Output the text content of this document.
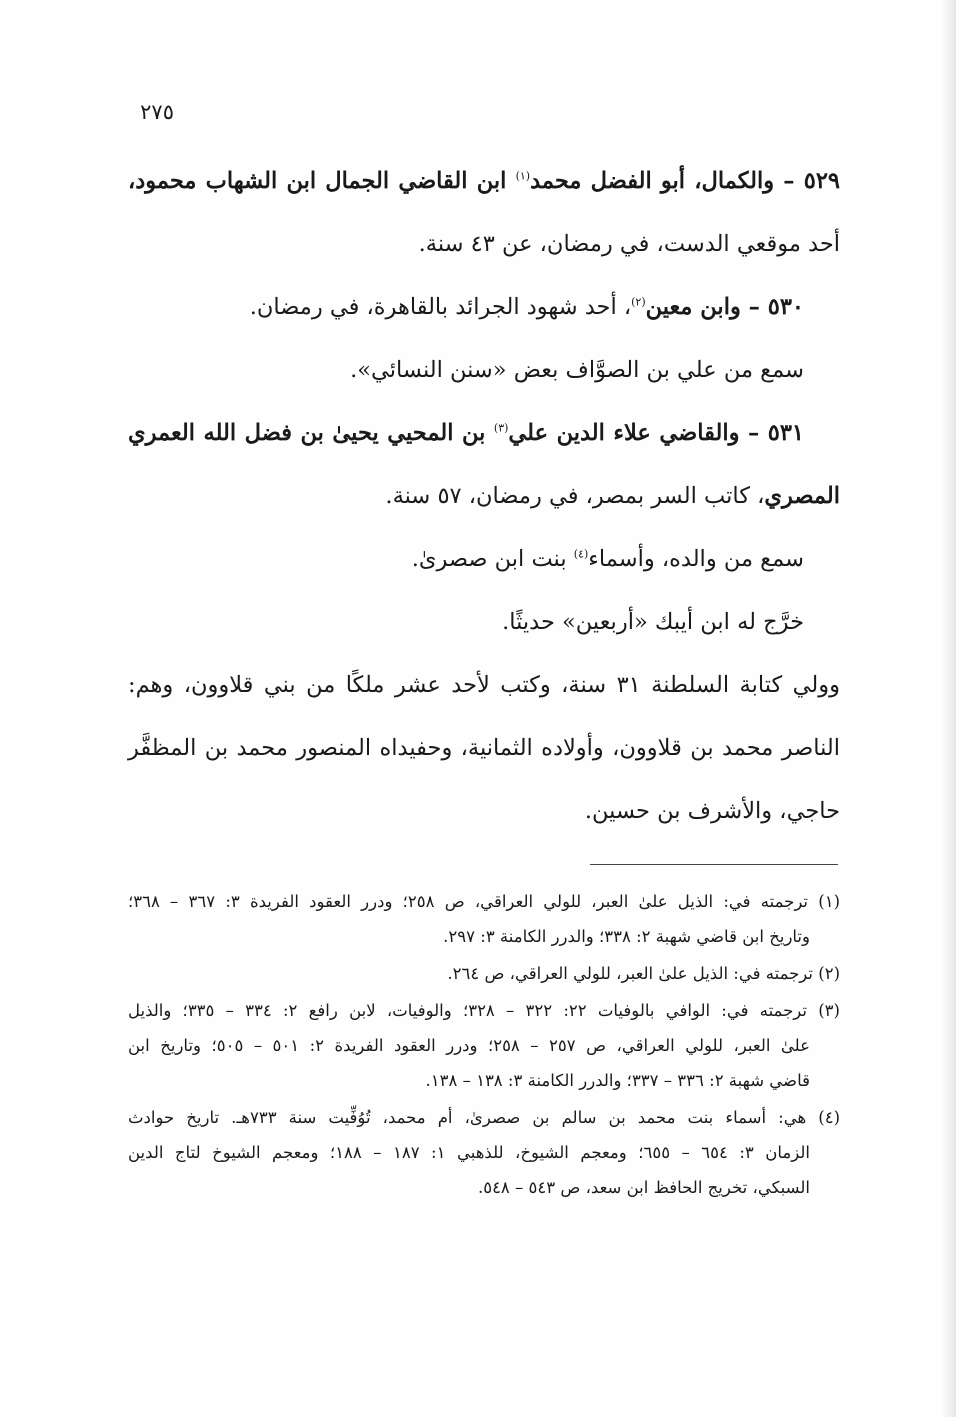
٢٧٥
٥٢٩ – والكمال، أبو الفضل محمد$^{(١)}$ ابن القاضي الجمال ابن الشهاب محمود،
أحد موقعي الدست، في رمضان، عن ٤٣ سنة.
٥٣٠ – وابن معين$^{(٢)}$، أحد شهود الجرائد بالقاهرة، في رمضان.
سمع من علي بن الصوَّاف بعض «سنن النسائي».
٥٣١ – والقاضي علاء الدين علي$^{(٣)}$ بن المحيي يحيىٰ بن فضل الله العمري
المصري، كاتب السر بمصر، في رمضان، ٥٧ سنة.
سمع من والده، وأسماء$^{(٤)}$ بنت ابن صصرىٰ.
خرَّج له ابن أيبك «أربعين» حديثًا.
وولي كتابة السلطنة ٣١ سنة، وكتب لأحد عشر ملكًا من بني قلاوون، وهم:
الناصر محمد بن قلاوون، وأولاده الثمانية، وحفيداه المنصور محمد بن المظفَّر
حاجي، والأشرف بن حسين.
(١) ترجمته في: الذيل علىٰ العبر، للولي العراقي، ص ٢٥٨؛ ودرر العقود الفريدة ٣: ٣٦٧ – ٣٦٨؛
وتاريخ ابن قاضي شهبة ٢: ٣٣٨؛ والدرر الكامنة ٣: ٢٩٧.
(٢) ترجمته في: الذيل علىٰ العبر، للولي العراقي، ص ٢٦٤.
(٣) ترجمته في: الوافي بالوفيات ٢٢: ٣٢٢ – ٣٢٨؛ والوفيات، لابن رافع ٢: ٣٣٤ – ٣٣٥؛ والذيل
علىٰ العبر، للولي العراقي، ص ٢٥٧ – ٢٥٨؛ ودرر العقود الفريدة ٢: ٥٠١ – ٥٠٥؛ وتاريخ ابن
قاضي شهبة ٢: ٣٣٦ – ٣٣٧؛ والدرر الكامنة ٣: ١٣٨ – ١٣٨.
(٤) هي: أسماء بنت محمد بن سالم بن صصرىٰ، أم محمد، تُوُفِّيت سنة ٧٣٣هـ. تاريخ حوادث
الزمان ٣: ٦٥٤ – ٦٥٥؛ ومعجم الشيوخ، للذهبي ١: ١٨٧ – ١٨٨؛ ومعجم الشيوخ لتاج الدين
السبكي، تخريج الحافظ ابن سعد، ص ٥٤٣ – ٥٤٨.
